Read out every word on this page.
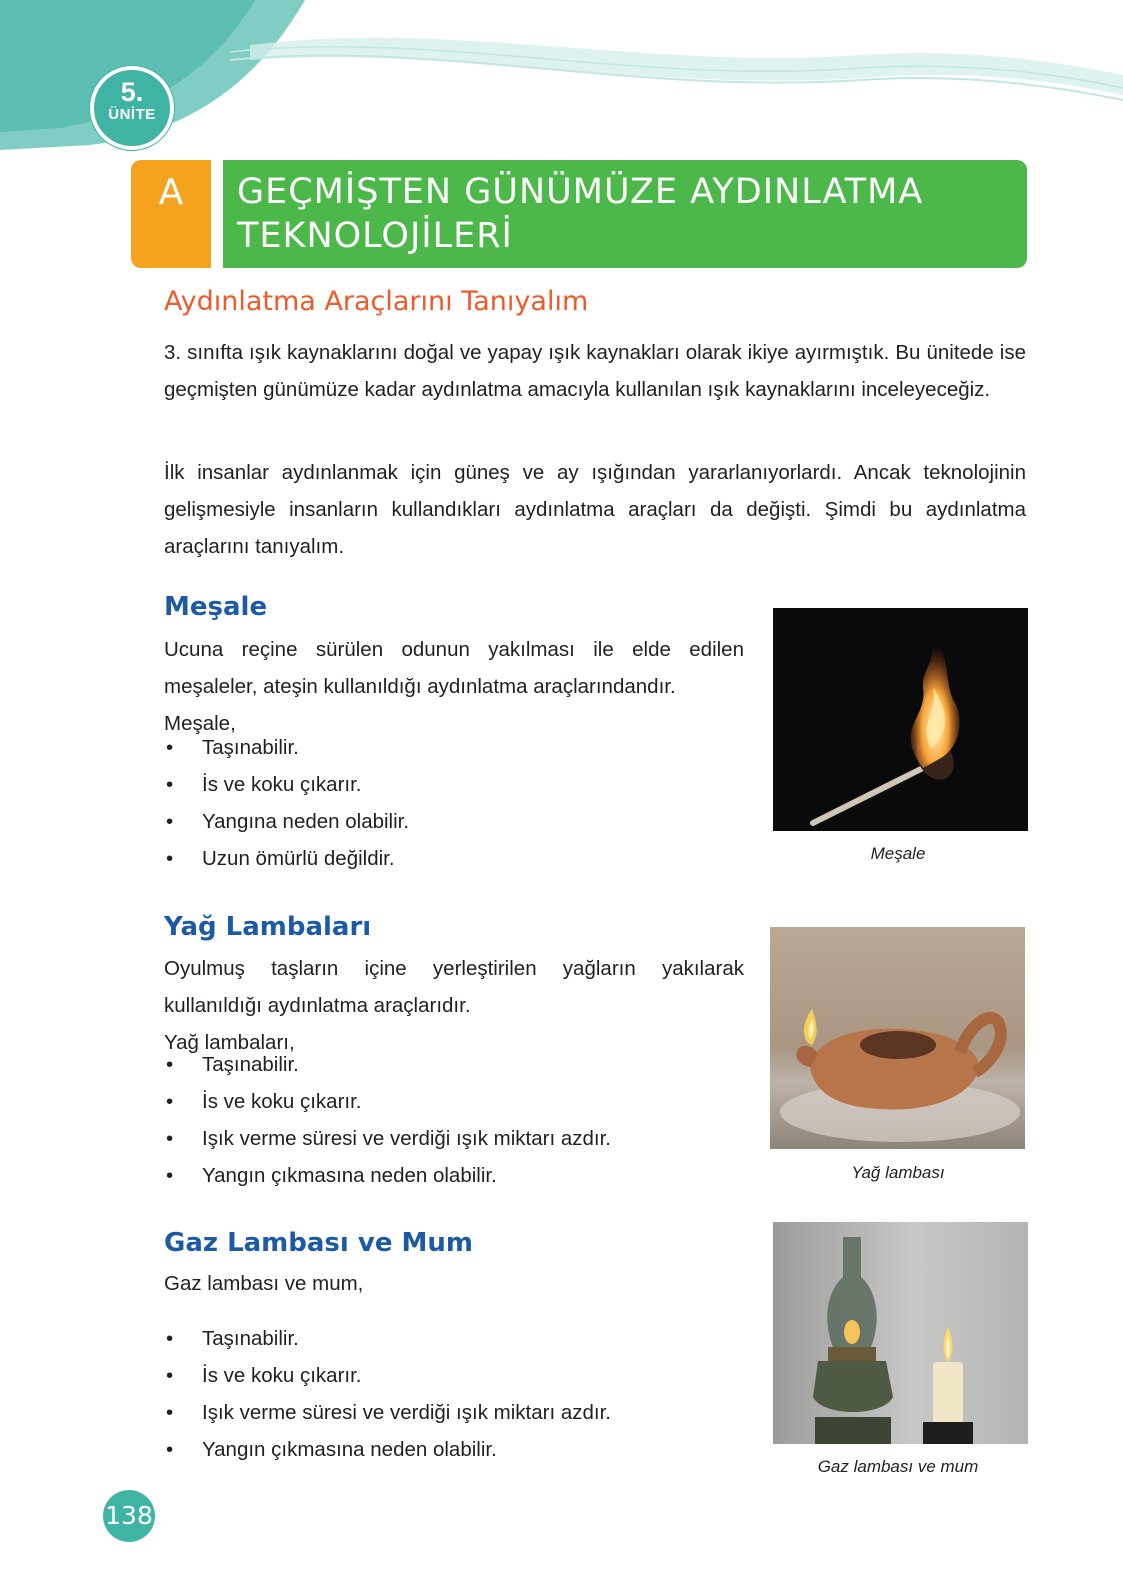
5.
ÜNİTE
A	GEÇMİŞTEN GÜNÜMÜZE AYDINLATMA
TEKNOLOJİLERİ
Aydınlatma Araçlarını Tanıyalım

3. sınıfta ışık kaynaklarını doğal ve yapay ışık kaynakları olarak ikiye ayırmıştık. Bu ünitede ise geçmişten günümüze kadar aydınlatma amacıyla kullanılan ışık kaynaklarını inceleyeceğiz.

İlk insanlar aydınlanmak için güneş ve ay ışığından yararlanıyorlardı. Ancak teknolojinin gelişmesiyle insanların kullandıkları aydınlatma araçları da değişti. Şimdi bu aydınlatma araçlarını tanıyalım.

Meşale
Ucuna reçine sürülen odunun yakılması ile elde edilen meşaleler, ateşin kullanıldığı aydınlatma araçlarındandır.
Meşale,
• Taşınabilir.
• İs ve koku çıkarır.
• Yangına neden olabilir.
• Uzun ömürlü değildir.	Meşale
Yağ Lambaları
Oyulmuş taşların içine yerleştirilen yağların yakılarak kullanıldığı aydınlatma araçlarıdır.
Yağ lambaları,
• Taşınabilir.
• İs ve koku çıkarır.
• Işık verme süresi ve verdiği ışık miktarı azdır.
• Yangın çıkmasına neden olabilir.	Yağ lambası
Gaz Lambası ve Mum
Gaz lambası ve mum,
• Taşınabilir.
• İs ve koku çıkarır.
• Işık verme süresi ve verdiği ışık miktarı azdır.
• Yangın çıkmasına neden olabilir.
Gaz lambası ve mum
138
